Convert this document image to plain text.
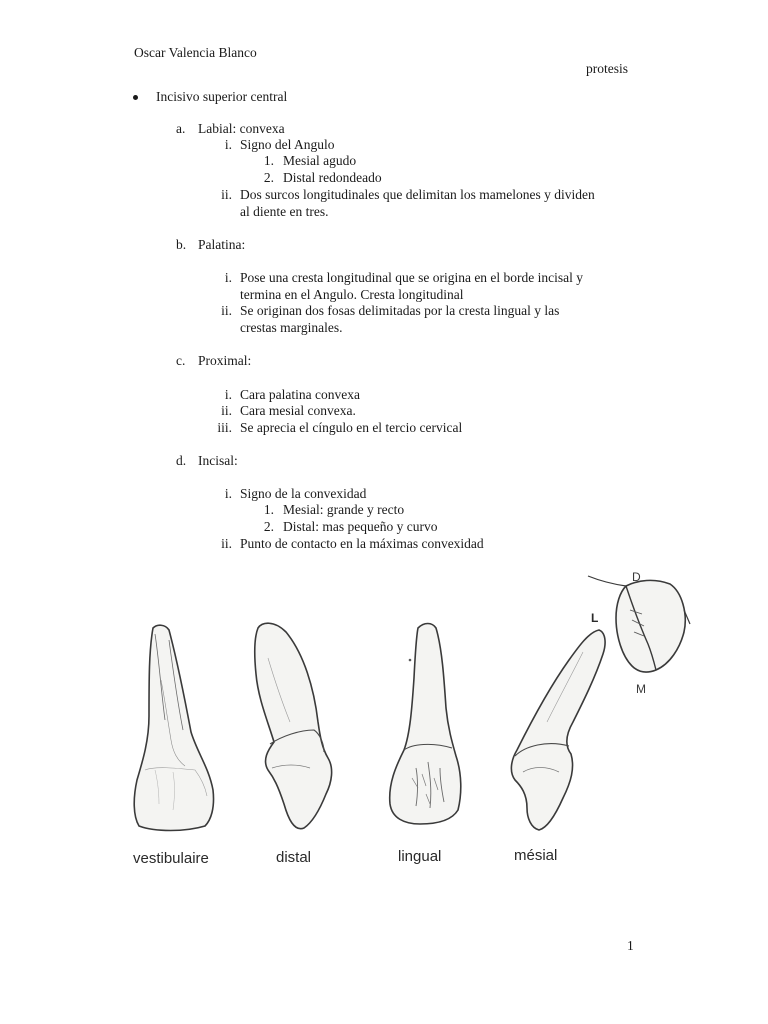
Oscar Valencia Blanco
protesis
Incisivo superior central
a. Labial: convexa
i. Signo del Angulo
1. Mesial agudo
2. Distal redondeado
ii. Dos surcos longitudinales que delimitan los mamelones y dividen
al diente en tres.
b. Palatina:
i. Pose una cresta longitudinal que se origina en el borde incisal y
termina en el Angulo. Cresta longitudinal
ii. Se originan dos fosas delimitadas por la cresta lingual y las
crestas marginales.
c. Proximal:
i. Cara palatina convexa
ii. Cara mesial convexa.
iii. Se aprecia el cíngulo en el tercio cervical
d. Incisal:
i. Signo de la convexidad
1. Mesial: grande y recto
2. Distal: mas pequeño y curvo
ii. Punto de contacto en la máximas convexidad
D
L
M
vestibulaire	distal	lingual	mésial
1
